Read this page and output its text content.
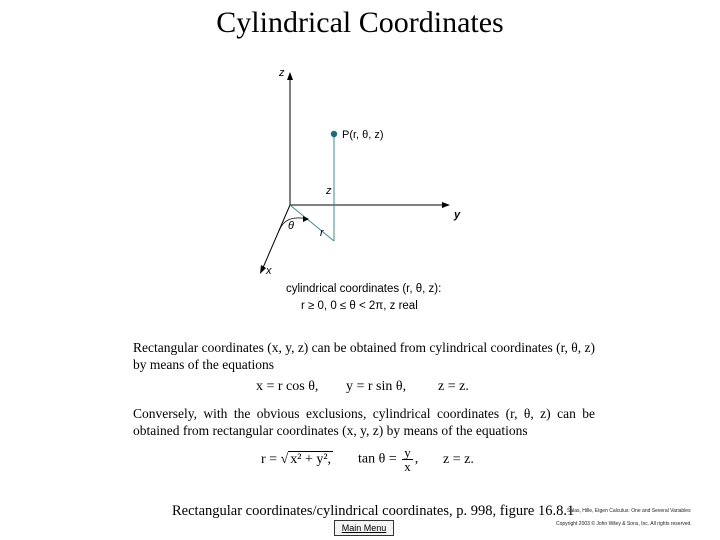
Cylindrical Coordinates
z
y
x
P(r, θ, z)
z
r
θ
cylindrical coordinates (r, θ, z):
r ≥ 0, 0 ≤ θ < 2π, z real
Rectangular coordinates (x, y, z) can be obtained from cylindrical coordinates (r, θ, z) by means of the equations
x = r cos θ, y = r sin θ, z = z.
Conversely, with the obvious exclusions, cylindrical coordinates (r, θ, z) can be obtained from rectangular coordinates (x, y, z) by means of the equations
r = √ x² + y², $\tan \theta = \frac{y}{x}$ , z = z.
Rectangular coordinates/cylindrical coordinates, p. 998, figure 16.8.1
Salas, Hille, Etgen Calculus: One and Several Variables
Copyright 2003 © John Wiley & Sons, Inc. All rights reserved.
Main Menu
